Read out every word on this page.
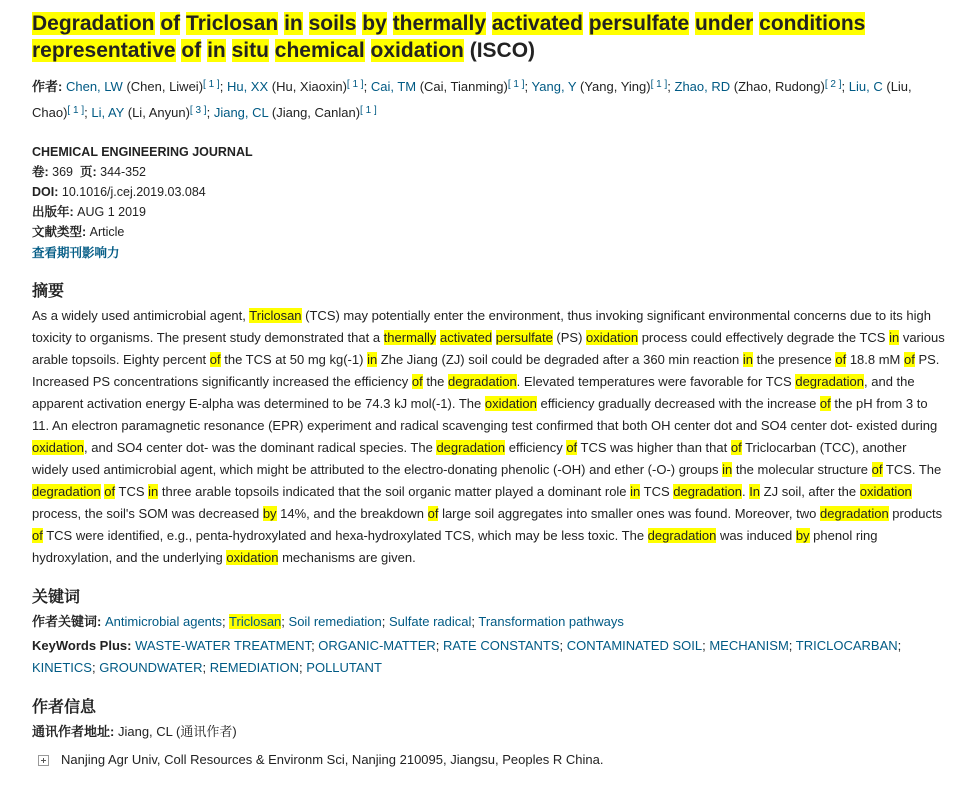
Degradation of Triclosan in soils by thermally activated persulfate under conditions representative of in situ chemical oxidation (ISCO)
作者: Chen, LW (Chen, Liwei)[ 1 ]; Hu, XX (Hu, Xiaoxin)[ 1 ]; Cai, TM (Cai, Tianming)[ 1 ]; Yang, Y (Yang, Ying)[ 1 ]; Zhao, RD (Zhao, Rudong)[ 2 ]; Liu, C (Liu, Chao)[ 1 ]; Li, AY (Li, Anyun)[ 3 ]; Jiang, CL (Jiang, Canlan)[ 1 ]
CHEMICAL ENGINEERING JOURNAL
卷: 369 页: 344-352
DOI: 10.1016/j.cej.2019.03.084
出版年: AUG 1 2019
文献类型: Article
查看期刊影响力
摘要
As a widely used antimicrobial agent, Triclosan (TCS) may potentially enter the environment, thus invoking significant environmental concerns due to its high toxicity to organisms. The present study demonstrated that a thermally activated persulfate (PS) oxidation process could effectively degrade the TCS in various arable topsoils. Eighty percent of the TCS at 50 mg kg(-1) in Zhe Jiang (ZJ) soil could be degraded after a 360 min reaction in the presence of 18.8 mM of PS. Increased PS concentrations significantly increased the efficiency of the degradation. Elevated temperatures were favorable for TCS degradation, and the apparent activation energy E-alpha was determined to be 74.3 kJ mol(-1). The oxidation efficiency gradually decreased with the increase of the pH from 3 to 11. An electron paramagnetic resonance (EPR) experiment and radical scavenging test confirmed that both OH center dot and SO4 center dot- existed during oxidation, and SO4 center dot- was the dominant radical species. The degradation efficiency of TCS was higher than that of Triclocarban (TCC), another widely used antimicrobial agent, which might be attributed to the electro-donating phenolic (-OH) and ether (-O-) groups in the molecular structure of TCS. The degradation of TCS in three arable topsoils indicated that the soil organic matter played a dominant role in TCS degradation. In ZJ soil, after the oxidation process, the soil's SOM was decreased by 14%, and the breakdown of large soil aggregates into smaller ones was found. Moreover, two degradation products of TCS were identified, e.g., penta-hydroxylated and hexa-hydroxylated TCS, which may be less toxic. The degradation was induced by phenol ring hydroxylation, and the underlying oxidation mechanisms are given.
关键词
作者关键词: Antimicrobial agents; Triclosan; Soil remediation; Sulfate radical; Transformation pathways
KeyWords Plus: WASTE-WATER TREATMENT; ORGANIC-MATTER; RATE CONSTANTS; CONTAMINATED SOIL; MECHANISM; TRICLOCARBAN; KINETICS; GROUNDWATER; REMEDIATION; POLLUTANT
作者信息
通讯作者地址: Jiang, CL (通讯作者)
Nanjing Agr Univ, Coll Resources & Environm Sci, Nanjing 210095, Jiangsu, Peoples R China.
